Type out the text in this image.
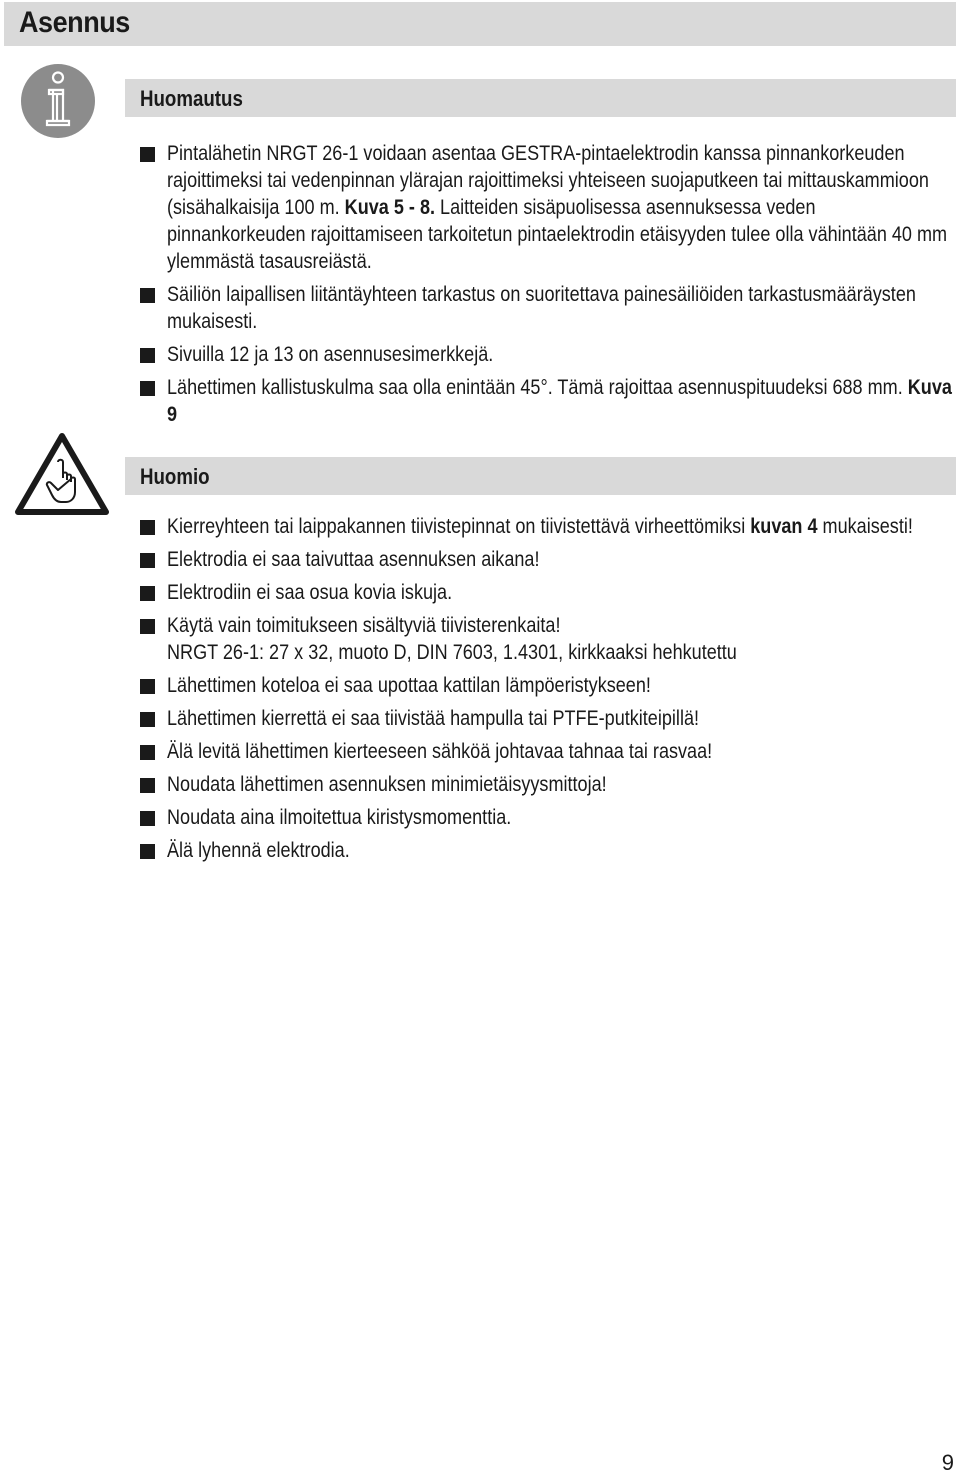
Asennus
Huomautus
Pintalähetin NRGT 26-1 voidaan asentaa GESTRA-pintaelektrodin kanssa pinnankorkeuden rajoittimeksi tai vedenpinnan ylärajan rajoittimeksi yhteiseen suojaputkeen tai mittauskammioon (sisähalkaisija 100 m. Kuva 5 - 8. Laitteiden sisäpuolisessa asennuksessa veden pinnankorkeuden rajoittamiseen tarkoitetun pintaelektrodin etäisyyden tulee olla vähintään 40 mm ylemmästä tasausreiästä.
Säiliön laipallisen liitäntäyhteen tarkastus on suoritettava painesäiliöiden tarkastusmääräysten mukaisesti.
Sivuilla 12 ja 13 on asennusesimerkkejä.
Lähettimen kallistuskulma saa olla enintään 45°. Tämä rajoittaa asennuspituudeksi 688 mm. Kuva 9
Huomio
Kierreyhteen tai laippakannen tiivistepinnat on tiivistettävä virheettömiksi kuvan 4 mukaisesti!
Elektrodia ei saa taivuttaa asennuksen aikana!
Elektrodiin ei saa osua kovia iskuja.
Käytä vain toimitukseen sisältyviä tiivisterenkaita!
NRGT 26-1: 27 x 32, muoto D, DIN 7603, 1.4301, kirkkaaksi hehkutettu
Lähettimen koteloa ei saa upottaa kattilan lämpöeristykseen!
Lähettimen kierrettä ei saa tiivistää hampulla tai PTFE-putkiteipillä!
Älä levitä lähettimen kierteeseen sähköä johtavaa tahnaa tai rasvaa!
Noudata lähettimen asennuksen minimietäisyysmittoja!
Noudata aina ilmoitettua kiristysmomenttia.
Älä lyhennä elektrodia.
9
